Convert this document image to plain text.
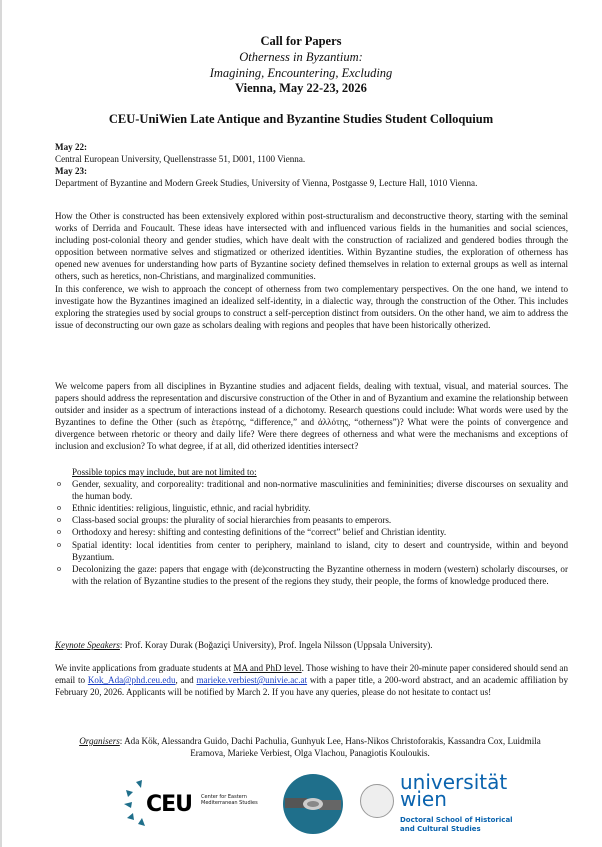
Call for Papers
Otherness in Byzantium:
Imagining, Encountering, Excluding
Vienna, May 22-23, 2026
CEU-UniWien Late Antique and Byzantine Studies Student Colloquium
May 22:
Central European University, Quellenstrasse 51, D001, 1100 Vienna.
May 23:
Department of Byzantine and Modern Greek Studies, University of Vienna, Postgasse 9, Lecture Hall, 1010 Vienna.
How the Other is constructed has been extensively explored within post-structuralism and deconstructive theory, starting with the seminal works of Derrida and Foucault. These ideas have intersected with and influenced various fields in the humanities and social sciences, including post-colonial theory and gender studies, which have dealt with the construction of racialized and gendered bodies through the opposition between normative selves and stigmatized or otherized identities. Within Byzantine studies, the exploration of otherness has opened new avenues for understanding how parts of Byzantine society defined themselves in relation to external groups as well as internal others, such as heretics, non-Christians, and marginalized communities.
In this conference, we wish to approach the concept of otherness from two complementary perspectives. On the one hand, we intend to investigate how the Byzantines imagined an idealized self-identity, in a dialectic way, through the construction of the Other. This includes exploring the strategies used by social groups to construct a self-perception distinct from outsiders. On the other hand, we aim to address the issue of deconstructing our own gaze as scholars dealing with regions and peoples that have been historically otherized.
We welcome papers from all disciplines in Byzantine studies and adjacent fields, dealing with textual, visual, and material sources. The papers should address the representation and discursive construction of the Other in and of Byzantium and examine the relationship between outsider and insider as a spectrum of interactions instead of a dichotomy. Research questions could include: What words were used by the Byzantines to define the Other (such as ἑτερότης, “difference,” and ἀλλότης, “otherness”)? What were the points of convergence and divergence between rhetoric or theory and daily life? Were there degrees of otherness and what were the mechanisms and exceptions of inclusion and exclusion? To what degree, if at all, did otherized identities intersect?
Possible topics may include, but are not limited to:
o Gender, sexuality, and corporeality: traditional and non-normative masculinities and femininities; diverse discourses on sexuality and the human body.
o Ethnic identities: religious, linguistic, ethnic, and racial hybridity.
o Class-based social groups: the plurality of social hierarchies from peasants to emperors.
o Orthodoxy and heresy: shifting and contesting definitions of the “correct” belief and Christian identity.
o Spatial identity: local identities from center to periphery, mainland to island, city to desert and countryside, within and beyond Byzantium.
o Decolonizing the gaze: papers that engage with (de)constructing the Byzantine otherness in modern (western) scholarly discourses, or with the relation of Byzantine studies to the present of the regions they study, their people, the forms of knowledge produced there.
Keynote Speakers: Prof. Koray Durak (Boğaziçi University), Prof. Ingela Nilsson (Uppsala University).
We invite applications from graduate students at MA and PhD level. Those wishing to have their 20-minute paper considered should send an email to Kok_Ada@phd.ceu.edu, and marieke.verbiest@univie.ac.at with a paper title, a 200-word abstract, and an academic affiliation by February 20, 2026. Applicants will be notified by March 2. If you have any queries, please do not hesitate to contact us!
Organisers: Ada Kök, Alessandra Guido, Dachi Pachulia, Gunhyuk Lee, Hans-Nikos Christoforakis, Kassandra Cox, Luidmila Eramova, Marieke Verbiest, Olga Vlachou, Panagiotis Kouloukis.
CEU Center for Eastern Mediterranean Studies
universität
wien
Doctoral School of Historical
and Cultural Studies
